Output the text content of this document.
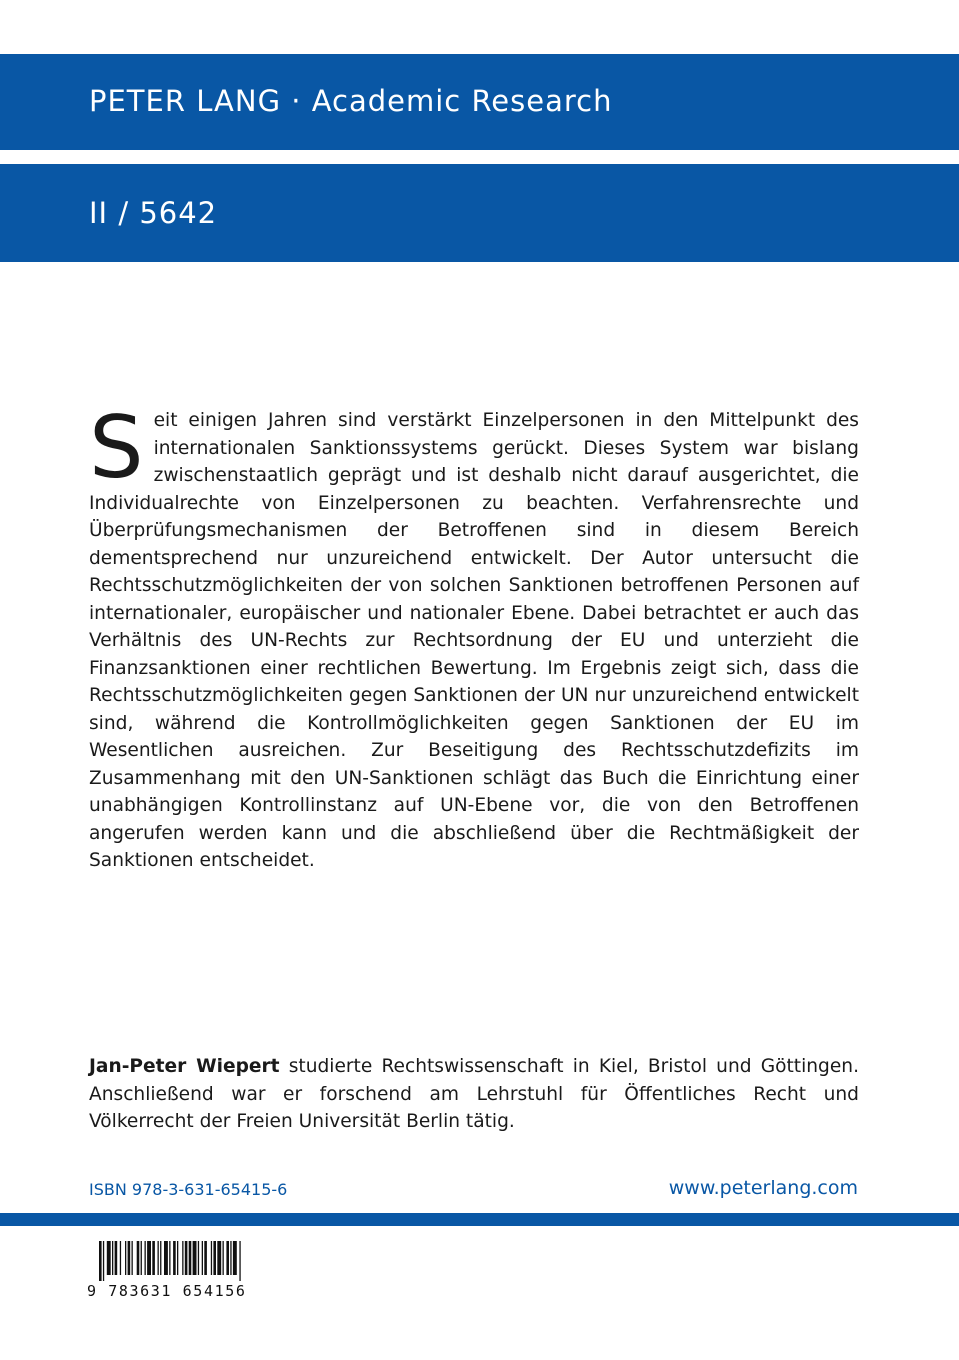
PETER LANG · Academic Research
II / 5642

Seit einigen Jahren sind verstärkt Einzelpersonen in den Mittelpunkt des internationalen Sanktionssystems gerückt. Dieses System war bislang zwischenstaatlich geprägt und ist deshalb nicht darauf ausgerichtet, die Individualrechte von Einzelpersonen zu beachten. Verfahrensrechte und Überprüfungsmechanismen der Betroffenen sind in diesem Bereich dementsprechend nur unzureichend entwickelt. Der Autor untersucht die Rechtsschutzmöglichkeiten der von solchen Sanktionen betroffenen Personen auf internationaler, europäischer und nationaler Ebene. Dabei betrachtet er auch das Verhältnis des UN-Rechts zur Rechtsordnung der EU und unterzieht die Finanzsanktionen einer rechtlichen Bewertung. Im Ergebnis zeigt sich, dass die Rechtsschutzmöglichkeiten gegen Sanktionen der UN nur unzureichend entwickelt sind, während die Kontrollmöglichkeiten gegen Sanktionen der EU im Wesentlichen ausreichen. Zur Beseitigung des Rechtsschutzdefizits im Zusammenhang mit den UN-Sanktionen schlägt das Buch die Einrichtung einer unabhängigen Kontrollinstanz auf UN-Ebene vor, die von den Betroffenen angerufen werden kann und die abschließend über die Rechtmäßigkeit der Sanktionen entscheidet.

Jan-Peter Wiepert studierte Rechtswissenschaft in Kiel, Bristol und Göttingen. Anschließend war er forschend am Lehrstuhl für Öffentliches Recht und Völkerrecht der Freien Universität Berlin tätig.

ISBN 978-3-631-65415-6	www.peterlang.com
9 783631 654156
